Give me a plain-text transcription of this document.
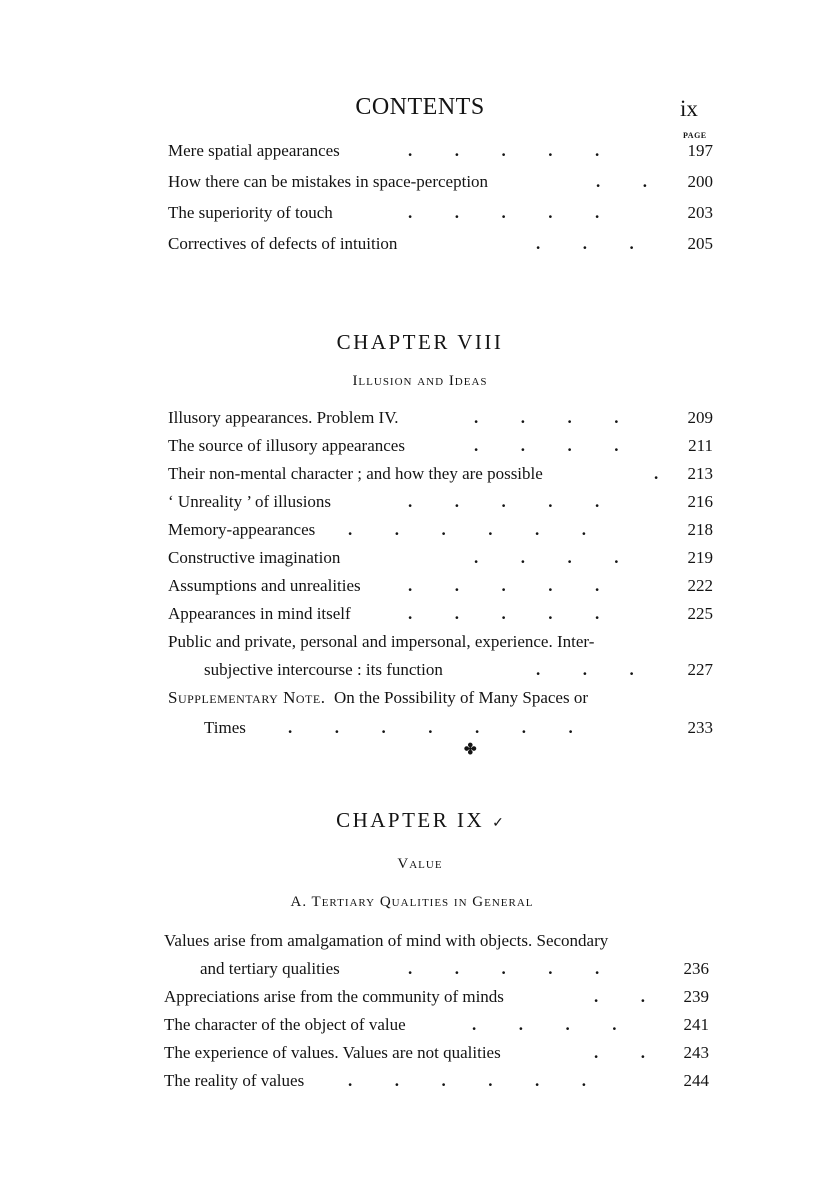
CONTENTS	ix
PAGE
Mere spatial appearances	.          .          .          .          .	197
How there can be mistakes in space-perception	.          . 200
The superiority of touch	.          .          .          .          .	203
Correctives of defects of intuition	.          .          .	205
CHAPTER VIII
Illusion and Ideas
Illusory appearances. Problem IV.	.          .          .          .	209
The source of illusory appearances	.          .          .          .	211
Their non-mental character ; and how they are possible	. 213
‘ Unreality ’ of illusions	.          .          .          .          .	216
Memory-appearances .          .          .          .          .          .	218
Constructive imagination	.          .          .          .	219
Assumptions and unrealities	.          .          .          .          .	222
Appearances in mind itself	.          .          .          .          .	225
Public and private, personal and impersonal, experience. Inter-
subjective intercourse : its function	.          .          .	227
Supplementary Note. On the Possibility of Many Spaces or
Times .          .          .          .          .          .          .	233
✤
CHAPTER IX ✓
Value
A. Tertiary Qualities in General
Values arise from amalgamation of mind with objects. Secondary
and tertiary qualities	.          .          .          .          .	236
Appreciations arise from the community of minds	.          . 239
The character of the object of value	.          .          .          .	241
The experience of values. Values are not qualities	.          . 243
The reality of values	.          .          .          .          .          .	244
